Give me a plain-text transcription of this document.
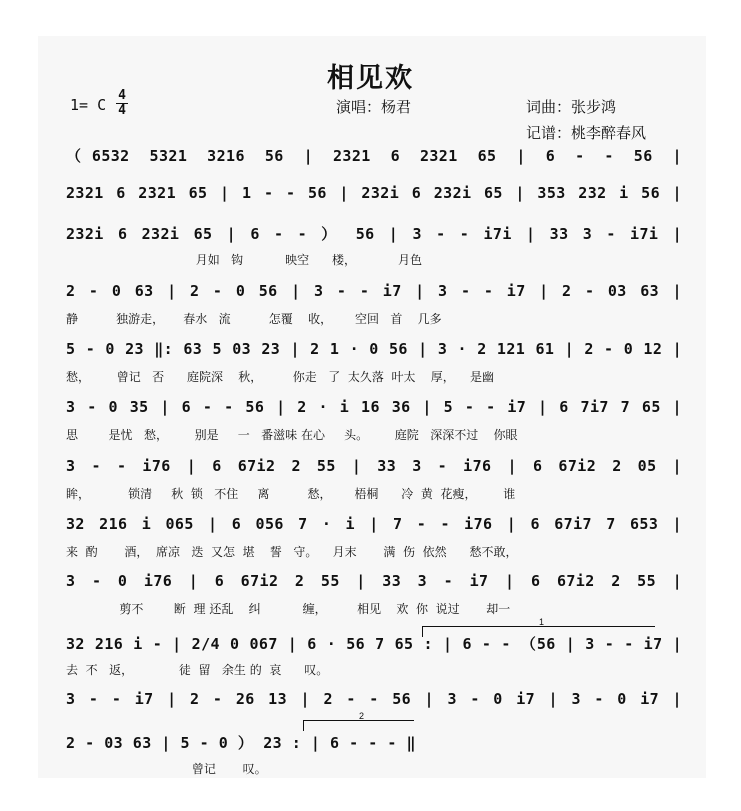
相见欢
1= C
4
4	演唱：杨君	词曲：张步鸿
记谱：桃李醉春风
（6532 5321 3216 56 | 2321 6 2321 65 | 6 - - 56 |
2321 6 2321 65 | 1 - - 56 | 232i 6 232i 65 | 353 232 i 56 |
232i 6 232i 65 | 6 - - ） 56 | 3 - - i7i | 33 3 - i7i |
月如   钩           映空      楼，           月色
2 - 0 63 | 2 - 0 56 | 3 - - i7 | 3 - - i7 | 2 - 03 63 |
静          独游走，     春水   流          怎覆    收，      空回   首    几多
5 - 0 23 ‖: 63 5 03 23 | 2 1 · 0 56 | 3 · 2 121 61 | 2 - 0 12 |
愁，       曾记   否      庭院深    秋，        你走   了  太久落  叶太    厚，    是幽
3 - 0 35 | 6 - - 56 | 2 · i 16 36 | 5 - - i7 | 6 7i7 7 65 |
思        是忧   愁，       别是     一   番滋味 在心     头。       庭院   深深不过    你眼
3 - - i76 | 6 67i2 2 55 | 33 3 - i76 | 6 67i2 2 05 |
眸，          锁清     秋  锁   不住     离          愁，      梧桐      冷  黄  花瘦，       谁
32 216 i 065 | 6 056 7 · i | 7 - - i76 | 6 67i7 7 653 |
来  酌       酒，  席凉   迭  又怎  堪    誓   守。    月末       满  伤  依然      愁不敢，
3 - 0 i76 | 6 67i2 2 55 | 33 3 - i7 | 6 67i2 2 55 |
剪不        断  理 还乱    纠           缠，        相见    欢  你  说过       却一
32 216 i - | 2/4 0 067 | 6 · 56 7 65 : | 6 - - （56 | 3 - - i7 |
去  不   返，            徒  留   余生 的  哀      叹。
3 - - i7 | 2 - 26 13 | 2 - - 56 | 3 - 0 i7 | 3 - 0 i7 |
2 - 03 63 | 5 - 0 ） 23 : | 6 - - - ‖
曾记       叹。
1
2
